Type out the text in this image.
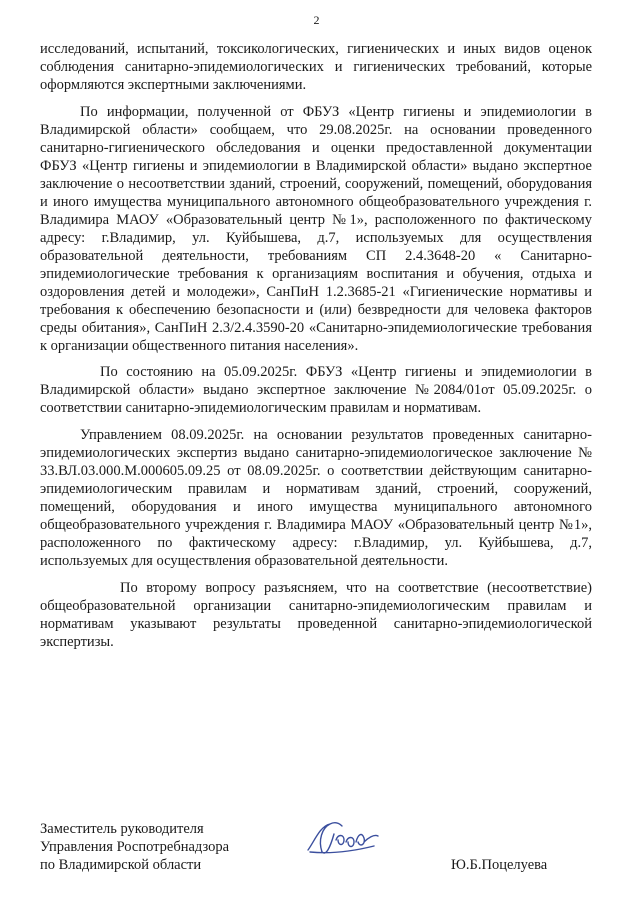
2

исследований, испытаний, токсикологических, гигиенических и иных видов оценок соблюдения санитарно-эпидемиологических и гигиенических требований, которые оформляются экспертными заключениями.

По информации, полученной от ФБУЗ «Центр гигиены и эпидемиологии в Владимирской области» сообщаем, что 29.08.2025г. на основании проведенного санитарно-гигиенического обследования и оценки предоставленной документации ФБУЗ «Центр гигиены и эпидемиологии в Владимирской области» выдано экспертное заключение о несоответствии зданий, строений, сооружений, помещений, оборудования и иного имущества муниципального автономного общеобразовательного учреждения г. Владимира МАОУ «Образовательный центр №1», расположенного по фактическому адресу: г.Владимир, ул. Куйбышева, д.7, используемых для осуществления образовательной деятельности, требованиям СП 2.4.3648-20 « Санитарно-эпидемиологические требования к организациям воспитания и обучения, отдыха и оздоровления детей и молодежи», СанПиН 1.2.3685-21 «Гигиенические нормативы и требования к обеспечению безопасности и (или) безвредности для человека факторов среды обитания», СанПиН 2.3/2.4.3590-20 «Санитарно-эпидемиологические требования к организации общественного питания населения».

По состоянию на 05.09.2025г. ФБУЗ «Центр гигиены и эпидемиологии в Владимирской области» выдано экспертное заключение №2084/01от 05.09.2025г. о соответствии санитарно-эпидемиологическим правилам и нормативам.

Управлением 08.09.2025г. на основании результатов проведенных санитарно-эпидемиологических экспертиз выдано санитарно-эпидемиологическое заключение № 33.ВЛ.03.000.М.000605.09.25 от 08.09.2025г. о соответствии действующим санитарно-эпидемиологическим правилам и нормативам зданий, строений, сооружений, помещений, оборудования и иного имущества муниципального автономного общеобразовательного учреждения г. Владимира МАОУ «Образовательный центр №1», расположенного по фактическому адресу: г.Владимир, ул. Куйбышева, д.7, используемых для осуществления образовательной деятельности.

По второму вопросу разъясняем, что на соответствие (несоответствие) общеобразовательной организации санитарно-эпидемиологическим правилам и нормативам указывают результаты проведенной санитарно-эпидемиологической экспертизы.

Заместитель руководителя
Управления Роспотребнадзора
по Владимирской области	Ю.Б.Поцелуева
